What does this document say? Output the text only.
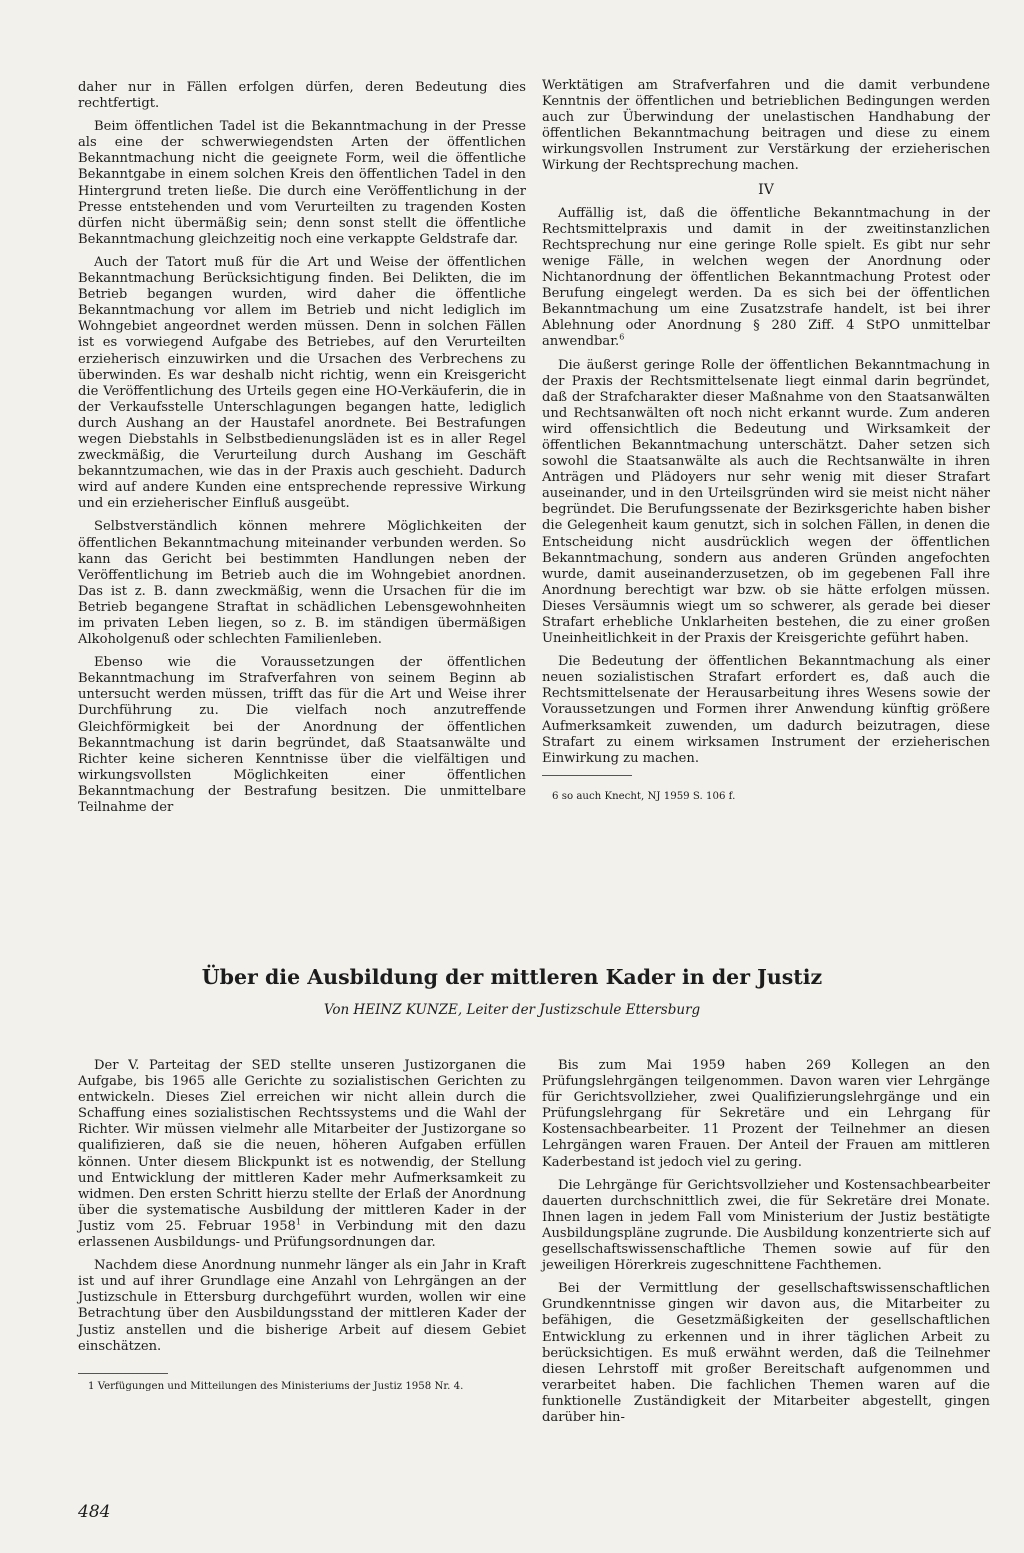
daher nur in Fällen erfolgen dürfen, deren Bedeutung dies rechtfertigt.

Beim öffentlichen Tadel ist die Bekanntmachung in der Presse als eine der schwerwiegendsten Arten der öffentlichen Bekanntmachung nicht die geeignete Form, weil die öffentliche Bekanntgabe in einem solchen Kreis den öffentlichen Tadel in den Hintergrund treten ließe. Die durch eine Veröffentlichung in der Presse entstehenden und vom Verurteilten zu tragenden Kosten dürfen nicht übermäßig sein; denn sonst stellt die öffentliche Bekanntmachung gleichzeitig noch eine verkappte Geldstrafe dar.

Auch der Tatort muß für die Art und Weise der öffentlichen Bekanntmachung Berücksichtigung finden. Bei Delikten, die im Betrieb begangen wurden, wird daher die öffentliche Bekanntmachung vor allem im Betrieb und nicht lediglich im Wohngebiet angeordnet werden müssen. Denn in solchen Fällen ist es vorwiegend Aufgabe des Betriebes, auf den Verurteilten erzieherisch einzuwirken und die Ursachen des Verbrechens zu überwinden. Es war deshalb nicht richtig, wenn ein Kreisgericht die Veröffentlichung des Urteils gegen eine HO-Verkäuferin, die in der Verkaufsstelle Unterschlagungen begangen hatte, lediglich durch Aushang an der Haustafel anordnete. Bei Bestrafungen wegen Diebstahls in Selbstbedienungsläden ist es in aller Regel zweckmäßig, die Verurteilung durch Aushang im Geschäft bekanntzumachen, wie das in der Praxis auch geschieht. Dadurch wird auf andere Kunden eine entsprechende repressive Wirkung und ein erzieherischer Einfluß ausgeübt.

Selbstverständlich können mehrere Möglichkeiten der öffentlichen Bekanntmachung miteinander verbunden werden. So kann das Gericht bei bestimmten Handlungen neben der Veröffentlichung im Betrieb auch die im Wohngebiet anordnen. Das ist z. B. dann zweckmäßig, wenn die Ursachen für die im Betrieb begangene Straftat in schädlichen Lebensgewohnheiten im privaten Leben liegen, so z. B. im ständigen übermäßigen Alkoholgenuß oder schlechten Familienleben.

Ebenso wie die Voraussetzungen der öffentlichen Bekanntmachung im Strafverfahren von seinem Beginn ab untersucht werden müssen, trifft das für die Art und Weise ihrer Durchführung zu. Die vielfach noch anzutreffende Gleichförmigkeit bei der Anordnung der öffentlichen Bekanntmachung ist darin begründet, daß Staatsanwälte und Richter keine sicheren Kenntnisse über die vielfältigen und wirkungsvollsten Möglichkeiten einer öffentlichen Bekanntmachung der Bestrafung besitzen. Die unmittelbare Teilnahme der

Werktätigen am Strafverfahren und die damit verbundene Kenntnis der öffentlichen und betrieblichen Bedingungen werden auch zur Überwindung der unelastischen Handhabung der öffentlichen Bekanntmachung beitragen und diese zu einem wirkungsvollen Instrument zur Verstärkung der erzieherischen Wirkung der Rechtsprechung machen.

IV

Auffällig ist, daß die öffentliche Bekanntmachung in der Rechtsmittelpraxis und damit in der zweitinstanzlichen Rechtsprechung nur eine geringe Rolle spielt. Es gibt nur sehr wenige Fälle, in welchen wegen der Anordnung oder Nichtanordnung der öffentlichen Bekanntmachung Protest oder Berufung eingelegt werden. Da es sich bei der öffentlichen Bekanntmachung um eine Zusatzstrafe handelt, ist bei ihrer Ablehnung oder Anordnung § 280 Ziff. 4 StPO unmittelbar anwendbar.$^6$

Die äußerst geringe Rolle der öffentlichen Bekanntmachung in der Praxis der Rechtsmittelsenate liegt einmal darin begründet, daß der Strafcharakter dieser Maßnahme von den Staatsanwälten und Rechtsanwälten oft noch nicht erkannt wurde. Zum anderen wird offensichtlich die Bedeutung und Wirksamkeit der öffentlichen Bekanntmachung unterschätzt. Daher setzen sich sowohl die Staatsanwälte als auch die Rechtsanwälte in ihren Anträgen und Plädoyers nur sehr wenig mit dieser Strafart auseinander, und in den Urteilsgründen wird sie meist nicht näher begründet. Die Berufungssenate der Bezirksgerichte haben bisher die Gelegenheit kaum genutzt, sich in solchen Fällen, in denen die Entscheidung nicht ausdrücklich wegen der öffentlichen Bekanntmachung, sondern aus anderen Gründen angefochten wurde, damit auseinanderzusetzen, ob im gegebenen Fall ihre Anordnung berechtigt war bzw. ob sie hätte erfolgen müssen. Dieses Versäumnis wiegt um so schwerer, als gerade bei dieser Strafart erhebliche Unklarheiten bestehen, die zu einer großen Uneinheitlichkeit in der Praxis der Kreisgerichte geführt haben.

Die Bedeutung der öffentlichen Bekanntmachung als einer neuen sozialistischen Strafart erfordert es, daß auch die Rechtsmittelsenate der Herausarbeitung ihres Wesens sowie der Voraussetzungen und Formen ihrer Anwendung künftig größere Aufmerksamkeit zuwenden, um dadurch beizutragen, diese Strafart zu einem wirksamen Instrument der erzieherischen Einwirkung zu machen.

6 so auch Knecht, NJ 1959 S. 106 f.

Über die Ausbildung der mittleren Kader in der Justiz
Von HEINZ KUNZE, Leiter der Justizschule Ettersburg

Der V. Parteitag der SED stellte unseren Justizorganen die Aufgabe, bis 1965 alle Gerichte zu sozialistischen Gerichten zu entwickeln. Dieses Ziel erreichen wir nicht allein durch die Schaffung eines sozialistischen Rechtssystems und die Wahl der Richter. Wir müssen vielmehr alle Mitarbeiter der Justizorgane so qualifizieren, daß sie die neuen, höheren Aufgaben erfüllen können. Unter diesem Blickpunkt ist es notwendig, der Stellung und Entwicklung der mittleren Kader mehr Aufmerksamkeit zu widmen. Den ersten Schritt hierzu stellte der Erlaß der Anordnung über die systematische Ausbildung der mittleren Kader in der Justiz vom 25. Februar 1958$^1$ in Verbindung mit den dazu erlassenen Ausbildungs- und Prüfungsordnungen dar.

Nachdem diese Anordnung nunmehr länger als ein Jahr in Kraft ist und auf ihrer Grundlage eine Anzahl von Lehrgängen an der Justizschule in Ettersburg durchgeführt wurden, wollen wir eine Betrachtung über den Ausbildungsstand der mittleren Kader der Justiz anstellen und die bisherige Arbeit auf diesem Gebiet einschätzen.

1 Verfügungen und Mitteilungen des Ministeriums der Justiz 1958 Nr. 4.

Bis zum Mai 1959 haben 269 Kollegen an den Prüfungslehrgängen teilgenommen. Davon waren vier Lehrgänge für Gerichtsvollzieher, zwei Qualifizierungslehrgänge und ein Prüfungslehrgang für Sekretäre und ein Lehrgang für Kostensachbearbeiter. 11 Prozent der Teilnehmer an diesen Lehrgängen waren Frauen. Der Anteil der Frauen am mittleren Kaderbestand ist jedoch viel zu gering.

Die Lehrgänge für Gerichtsvollzieher und Kostensachbearbeiter dauerten durchschnittlich zwei, die für Sekretäre drei Monate. Ihnen lagen in jedem Fall vom Ministerium der Justiz bestätigte Ausbildungspläne zugrunde. Die Ausbildung konzentrierte sich auf gesellschaftswissenschaftliche Themen sowie auf für den jeweiligen Hörerkreis zugeschnittene Fachthemen.

Bei der Vermittlung der gesellschaftswissenschaftlichen Grundkenntnisse gingen wir davon aus, die Mitarbeiter zu befähigen, die Gesetzmäßigkeiten der gesellschaftlichen Entwicklung zu erkennen und in ihrer täglichen Arbeit zu berücksichtigen. Es muß erwähnt werden, daß die Teilnehmer diesen Lehrstoff mit großer Bereitschaft aufgenommen und verarbeitet haben. Die fachlichen Themen waren auf die funktionelle Zuständigkeit der Mitarbeiter abgestellt, gingen darüber hin-

484
